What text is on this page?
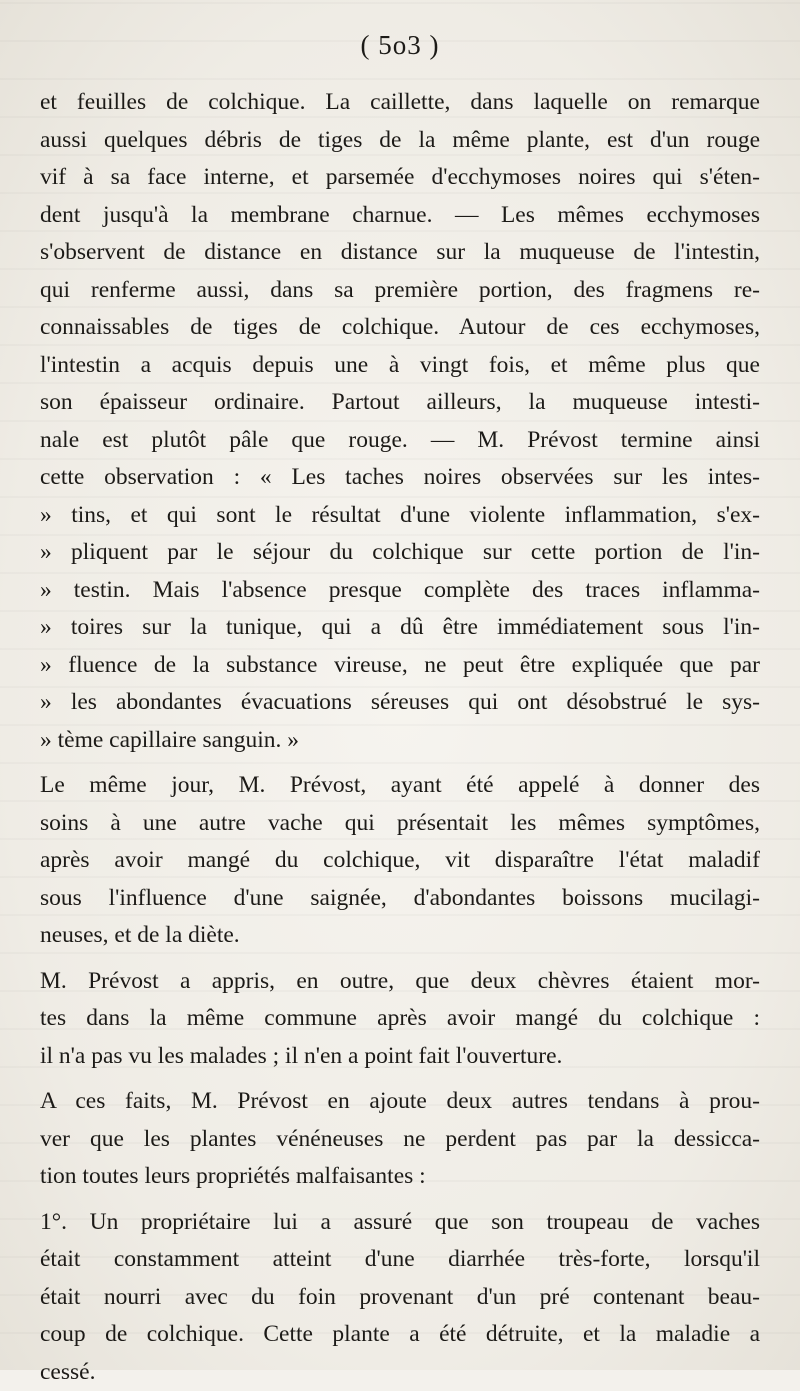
( 5o3 )
et feuilles de colchique. La caillette, dans laquelle on remarque
aussi quelques débris de tiges de la même plante, est d'un rouge
vif à sa face interne, et parsemée d'ecchymoses noires qui s'éten-
dent jusqu'à la membrane charnue. — Les mêmes ecchymoses
s'observent de distance en distance sur la muqueuse de l'intestin,
qui renferme aussi, dans sa première portion, des fragmens re-
connaissables de tiges de colchique. Autour de ces ecchymoses,
l'intestin a acquis depuis une à vingt fois, et même plus que
son épaisseur ordinaire. Partout ailleurs, la muqueuse intesti-
nale est plutôt pâle que rouge. — M. Prévost termine ainsi
cette observation : « Les taches noires observées sur les intes-
» tins, et qui sont le résultat d'une violente inflammation, s'ex-
» pliquent par le séjour du colchique sur cette portion de l'in-
» testin. Mais l'absence presque complète des traces inflamma-
» toires sur la tunique, qui a dû être immédiatement sous l'in-
» fluence de la substance vireuse, ne peut être expliquée que par
» les abondantes évacuations séreuses qui ont désobstrué le sys-
» tème capillaire sanguin. »
Le même jour, M. Prévost, ayant été appelé à donner des
soins à une autre vache qui présentait les mêmes symptômes,
après avoir mangé du colchique, vit disparaître l'état maladif
sous l'influence d'une saignée, d'abondantes boissons mucilagi-
neuses, et de la diète.
M. Prévost a appris, en outre, que deux chèvres étaient mor-
tes dans la même commune après avoir mangé du colchique :
il n'a pas vu les malades ; il n'en a point fait l'ouverture.
A ces faits, M. Prévost en ajoute deux autres tendans à prou-
ver que les plantes vénéneuses ne perdent pas par la dessicca-
tion toutes leurs propriétés malfaisantes :
1°. Un propriétaire lui a assuré que son troupeau de vaches
était constamment atteint d'une diarrhée très-forte, lorsqu'il
était nourri avec du foin provenant d'un pré contenant beau-
coup de colchique. Cette plante a été détruite, et la maladie a
cessé.
